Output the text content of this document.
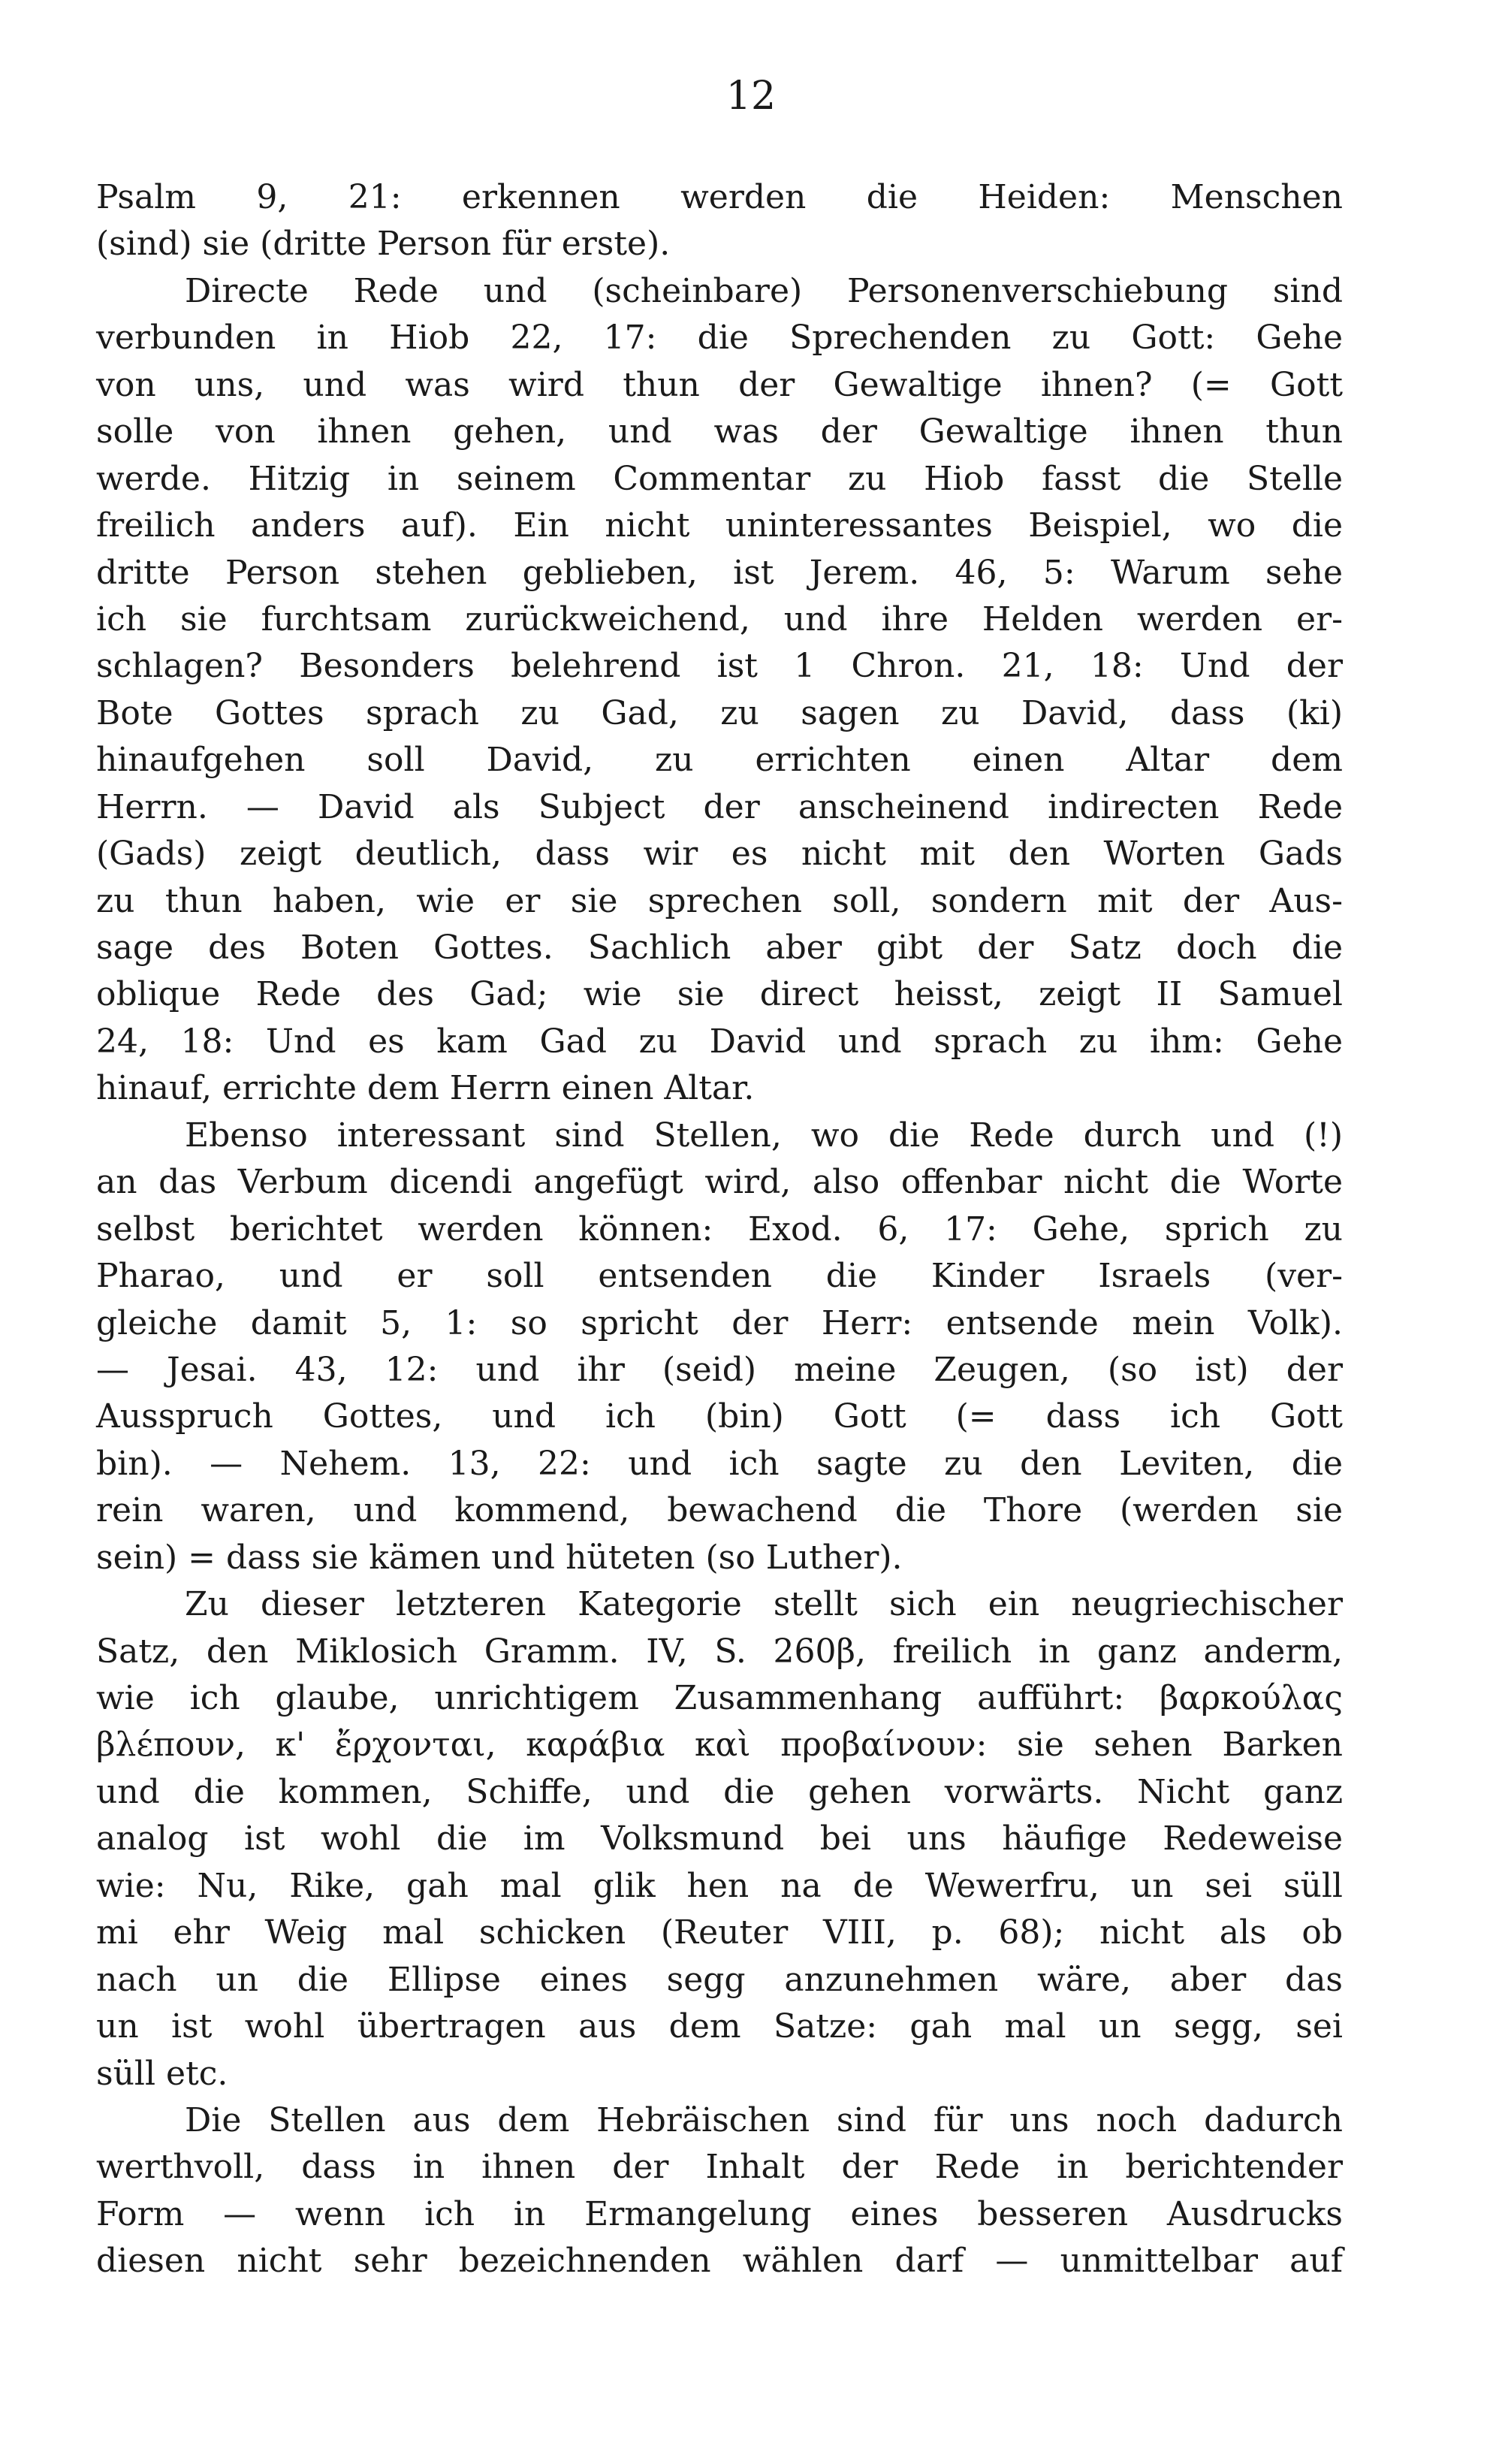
12
Psalm 9, 21: erkennen werden die Heiden: Menschen
(sind) sie (dritte Person für erste).
Directe Rede und (scheinbare) Personenverschiebung sind
verbunden in Hiob 22, 17: die Sprechenden zu Gott: Gehe
von uns, und was wird thun der Gewaltige ihnen? (= Gott
solle von ihnen gehen, und was der Gewaltige ihnen thun
werde. Hitzig in seinem Commentar zu Hiob fasst die Stelle
freilich anders auf). Ein nicht uninteressantes Beispiel, wo die
dritte Person stehen geblieben, ist Jerem. 46, 5: Warum sehe
ich sie furchtsam zurückweichend, und ihre Helden werden er-
schlagen? Besonders belehrend ist 1 Chron. 21, 18: Und der
Bote Gottes sprach zu Gad, zu sagen zu David, dass (ki)
hinaufgehen soll David, zu errichten einen Altar dem
Herrn. — David als Subject der anscheinend indirecten Rede
(Gads) zeigt deutlich, dass wir es nicht mit den Worten Gads
zu thun haben, wie er sie sprechen soll, sondern mit der Aus-
sage des Boten Gottes. Sachlich aber gibt der Satz doch die
oblique Rede des Gad; wie sie direct heisst, zeigt II Samuel
24, 18: Und es kam Gad zu David und sprach zu ihm: Gehe
hinauf, errichte dem Herrn einen Altar.
Ebenso interessant sind Stellen, wo die Rede durch und (!)
an das Verbum dicendi angefügt wird, also offenbar nicht die Worte
selbst berichtet werden können: Exod. 6, 17: Gehe, sprich zu
Pharao, und er soll entsenden die Kinder Israels (ver-
gleiche damit 5, 1: so spricht der Herr: entsende mein Volk).
— Jesai. 43, 12: und ihr (seid) meine Zeugen, (so ist) der
Ausspruch Gottes, und ich (bin) Gott (= dass ich Gott
bin). — Nehem. 13, 22: und ich sagte zu den Leviten, die
rein waren, und kommend, bewachend die Thore (werden sie
sein) = dass sie kämen und hüteten (so Luther).
Zu dieser letzteren Kategorie stellt sich ein neugriechischer
Satz, den Miklosich Gramm. IV, S. 260β, freilich in ganz anderm,
wie ich glaube, unrichtigem Zusammenhang aufführt: βαρκούλας
βλέπουν, κ' ἔρχονται, καράβια καὶ προβαίνουν: sie sehen Barken
und die kommen, Schiffe, und die gehen vorwärts. Nicht ganz
analog ist wohl die im Volksmund bei uns häufige Redeweise
wie: Nu, Rike, gah mal glik hen na de Wewerfru, un sei süll
mi ehr Weig mal schicken (Reuter VIII, p. 68); nicht als ob
nach un die Ellipse eines segg anzunehmen wäre, aber das
un ist wohl übertragen aus dem Satze: gah mal un segg, sei
süll etc.
Die Stellen aus dem Hebräischen sind für uns noch dadurch
werthvoll, dass in ihnen der Inhalt der Rede in berichtender
Form — wenn ich in Ermangelung eines besseren Ausdrucks
diesen nicht sehr bezeichnenden wählen darf — unmittelbar auf
